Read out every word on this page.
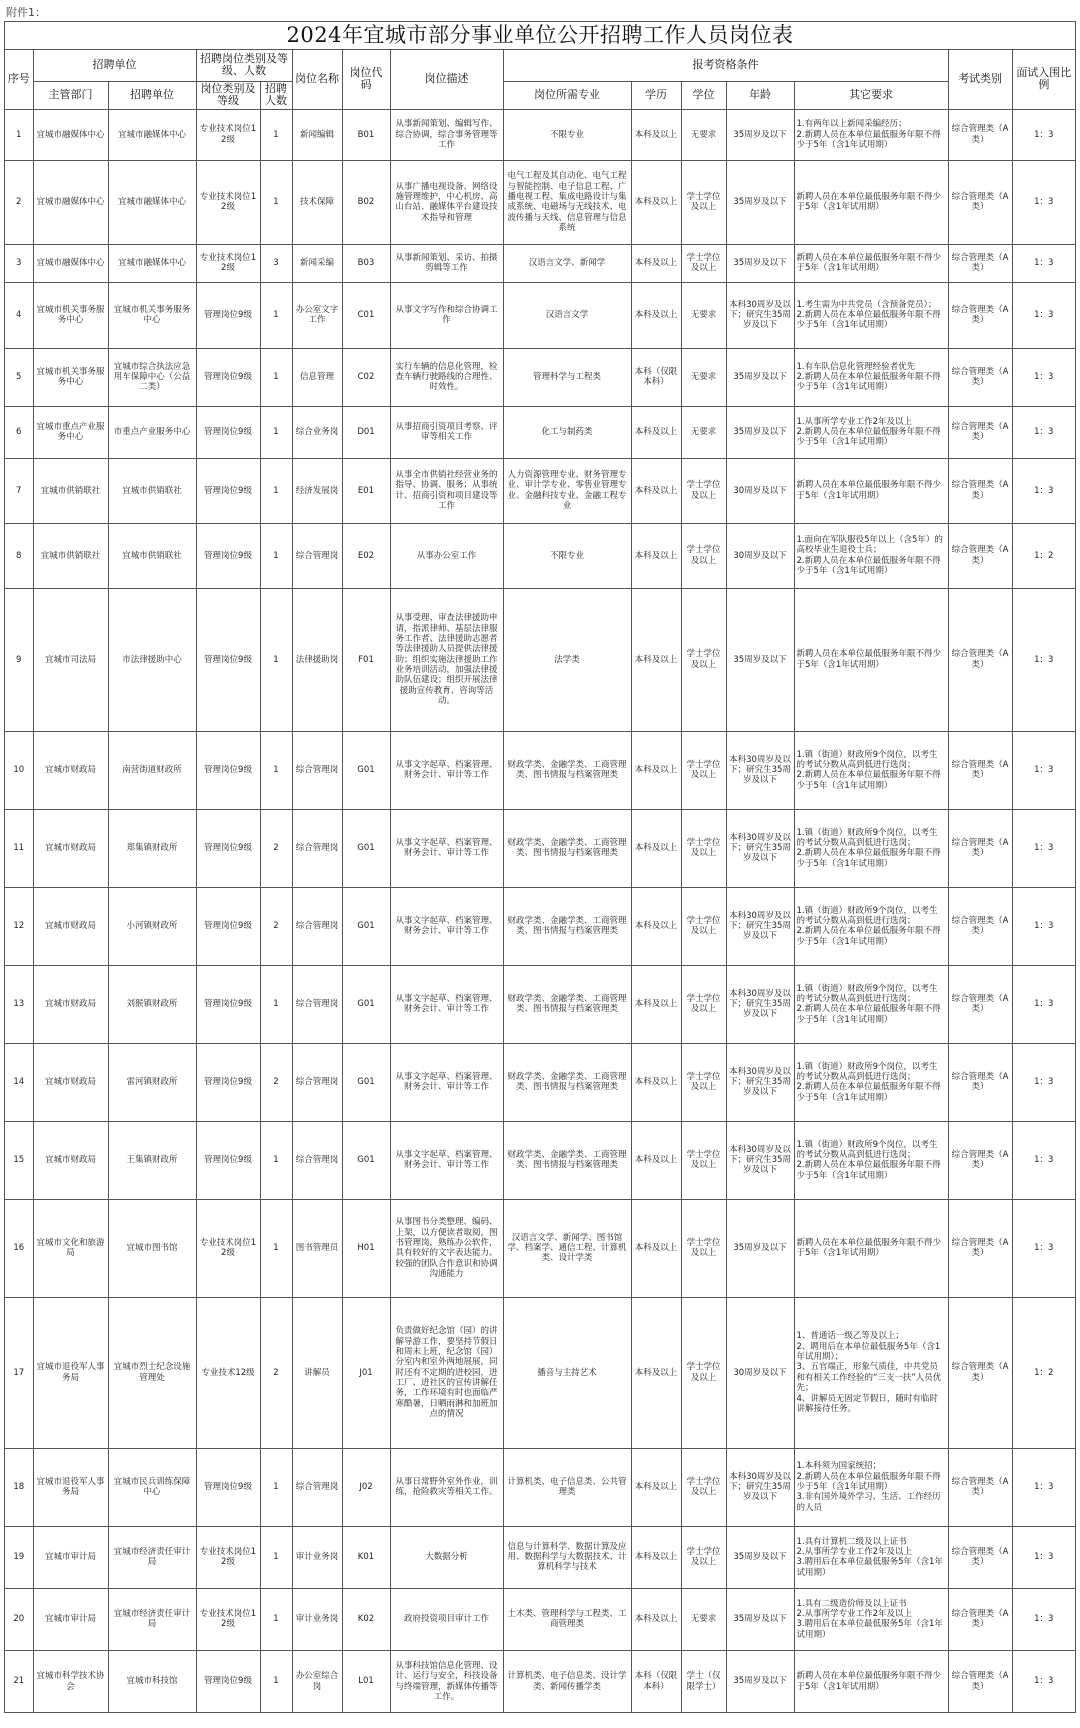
附件1：
2024年宜城市部分事业单位公开招聘工作人员岗位表
序号	招聘单位		招聘岗位类别及等级、人数		岗位名称	岗位代码	岗位描述	报考资格条件					考试类别	面试入围比例
	主管部门	招聘单位	岗位类别及等级	招聘人数				岗位所需专业	学历	学位	年龄	其它要求		

1	宜城市融媒体中心	宜城市融媒体中心	专业技术岗位12级	1	新闻编辑	B01	从事新闻策划、编辑写作、综合协调，综合事务管理等工作	不限专业	本科及以上	无要求	35周岁及以下	1.有两年以上新闻采编经历；
2.新聘人员在本单位最低服务年限不得少于5年（含1年试用期）	综合管理类（A类）	1：3

2	宜城市融媒体中心	宜城市融媒体中心	专业技术岗位12级	1	技术保障	B02	从事广播电视设备、网络设施管理维护，中心机房、高山台站、融媒体平台建设技术指导和管理	电气工程及其自动化、电气工程与智能控制、电子信息工程、广播电视工程、集成电路设计与集成系统、电磁场与无线技术、电波传播与天线、信息管理与信息系统	本科及以上	学士学位及以上	35周岁及以下	新聘人员在本单位最低服务年限不得少于5年（含1年试用期）	综合管理类（A类）	1：3

3	宜城市融媒体中心	宜城市融媒体中心	专业技术岗位12级	3	新闻采编	B03	从事新闻策划、采访、拍摄剪辑等工作	汉语言文学、新闻学	本科及以上	学士学位及以上	35周岁及以下	新聘人员在本单位最低服务年限不得少于5年（含1年试用期）	综合管理类（A类）	1：3

4	宜城市机关事务服务中心	宜城市机关事务服务中心	管理岗位9级	1	办公室文字工作	C01	从事文字写作和综合协调工作	汉语言文学	本科及以上	无要求	本科30周岁及以下；研究生35周岁及以下	1.考生需为中共党员（含预备党员）；
2.新聘人员在本单位最低服务年限不得少于5年（含1年试用期）	综合管理类（A类）	1：3

5	宜城市机关事务服务中心	宜城市综合执法应急用车保障中心（公益二类）	管理岗位9级	1	信息管理	C02	实行车辆的信息化管理，检查车辆行驶路线的合理性、时效性。	管理科学与工程类	本科（仅限本科）	无要求	35周岁及以下	1.有车队信息化管理经验者优先
2.新聘人员在本单位最低服务年限不得少于5年（含1年试用期）	综合管理类（A类）	1：3

6	宜城市重点产业服务中心	市重点产业服务中心	管理岗位9级	1	综合业务岗	D01	从事招商引资项目考察、评审等相关工作	化工与制药类	本科及以上	无要求	35周岁及以下	1.从事所学专业工作2年及以上
2.新聘人员在本单位最低服务年限不得少于5年（含1年试用期）	综合管理类（A类）	1：3

7	宜城市供销联社	宜城市供销联社	管理岗位9级	1	经济发展岗	E01	从事全市供销社经营业务的指导、协调、服务；从事统计、招商引资和项目建设等工作	人力资源管理专业、财务管理专业、审计学专业、零售业管理专业、金融科技专业、金融工程专业	本科及以上	学士学位及以上	30周岁及以下	新聘人员在本单位最低服务年限不得少于5年（含1年试用期）	综合管理类（A类）	1：3

8	宜城市供销联社	宜城市供销联社	管理岗位9级	1	综合管理岗	E02	从事办公室工作	不限专业	本科及以上	学士学位及以上	30周岁及以下	1.面向在军队服役5年以上（含5年）的高校毕业生退役士兵；
2.新聘人员在本单位最低服务年限不得少于5年（含1年试用期）	综合管理类（A类）	1：2

9	宜城市司法局	市法律援助中心	管理岗位9级	1	法律援助岗	F01	从事受理、审查法律援助申请，指派律师、基层法律服务工作者、法律援助志愿者等法律援助人员提供法律援助；组织实施法律援助工作业务培训活动，加强法律援助队伍建设；组织开展法律援助宣传教育、咨询等活动。	法学类	本科及以上	学士学位及以上	35周岁及以下	新聘人员在本单位最低服务年限不得少于5年（含1年试用期）	综合管理类（A类）	1：3

10	宜城市财政局	南营街道财政所	管理岗位9级	1	综合管理岗	G01	从事文字起草、档案管理、财务会计、审计等工作	财政学类、金融学类、工商管理类、图书情报与档案管理类	本科及以上	学士学位及以上	本科30周岁及以下；研究生35周岁及以下	1.镇（街道）财政所9个岗位，以考生的考试分数从高到低进行选岗；
2.新聘人员在本单位最低服务年限不得少于5年（含1年试用期）	综合管理类（A类）	1：3

11	宜城市财政局	郑集镇财政所	管理岗位9级	2	综合管理岗	G01	从事文字起草、档案管理、财务会计、审计等工作	财政学类、金融学类、工商管理类、图书情报与档案管理类	本科及以上	学士学位及以上	本科30周岁及以下；研究生35周岁及以下	1.镇（街道）财政所9个岗位，以考生的考试分数从高到低进行选岗；
2.新聘人员在本单位最低服务年限不得少于5年（含1年试用期）	综合管理类（A类）	1：3

12	宜城市财政局	小河镇财政所	管理岗位9级	2	综合管理岗	G01	从事文字起草、档案管理、财务会计、审计等工作	财政学类、金融学类、工商管理类、图书情报与档案管理类	本科及以上	学士学位及以上	本科30周岁及以下；研究生35周岁及以下	1.镇（街道）财政所9个岗位，以考生的考试分数从高到低进行选岗；
2.新聘人员在本单位最低服务年限不得少于5年（含1年试用期）	综合管理类（A类）	1：3

13	宜城市财政局	刘猴镇财政所	管理岗位9级	1	综合管理岗	G01	从事文字起草、档案管理、财务会计、审计等工作	财政学类、金融学类、工商管理类、图书情报与档案管理类	本科及以上	学士学位及以上	本科30周岁及以下；研究生35周岁及以下	1.镇（街道）财政所9个岗位，以考生的考试分数从高到低进行选岗；
2.新聘人员在本单位最低服务年限不得少于5年（含1年试用期）	综合管理类（A类）	1：3

14	宜城市财政局	雷河镇财政所	管理岗位9级	2	综合管理岗	G01	从事文字起草、档案管理、财务会计、审计等工作	财政学类、金融学类、工商管理类、图书情报与档案管理类	本科及以上	学士学位及以上	本科30周岁及以下；研究生35周岁及以下	1.镇（街道）财政所9个岗位，以考生的考试分数从高到低进行选岗；
2.新聘人员在本单位最低服务年限不得少于5年（含1年试用期）	综合管理类（A类）	1：3

15	宜城市财政局	王集镇财政所	管理岗位9级	1	综合管理岗	G01	从事文字起草、档案管理、财务会计、审计等工作	财政学类、金融学类、工商管理类、图书情报与档案管理类	本科及以上	学士学位及以上	本科30周岁及以下；研究生35周岁及以下	1.镇（街道）财政所9个岗位，以考生的考试分数从高到低进行选岗；
2.新聘人员在本单位最低服务年限不得少于5年（含1年试用期）	综合管理类（A类）	1：3

16	宜城市文化和旅游局	宜城市图书馆	专业技术岗位12级	1	图书管理员	H01	从事图书分类整理、编码、上架，以方便读者取阅，图书管理岗，熟练办公软件，具有较好的文字表达能力、较强的团队合作意识和协调沟通能力	汉语言文学、新闻学、图书馆学、档案学、通信工程、计算机类、设计学类	本科及以上	学士学位及以上	35周岁及以下	新聘人员在本单位最低服务年限不得少于5年（含1年试用期）	综合管理类（A类）	1：3

17	宜城市退役军人事务局	宜城市烈士纪念设施管理处	专业技术12级	2	讲解员	J01	负责做好纪念馆（园）的讲解导游工作，要坚持节假日和周末上班，纪念馆（园）分室内和室外两地展展，同时还有不定期的进校园，进工厂、进社区的宣传讲解任务，工作环境有时也面临严寒酷暑，日晒雨淋和加班加点的情况	播音与主持艺术	本科及以上	学士学位及以上	30周岁及以下	1、普通话一级乙等及以上；
2、聘用后在本单位最低服务5年（含1年试用期）；
3、五官端正，形象气质佳，中共党员和有相关工作经验的“三支一扶”人员优先；
4、讲解员无固定节假日，随时有临时讲解接待任务。	综合管理类（A类）	1：2

18	宜城市退役军人事务局	宜城市民兵训练保障中心	管理岗位9级	1	综合管理岗	J02	从事日常野外室外作业，训练，抢险救灾等相关工作。	计算机类、电子信息类、公共管理类	本科及以上	学士学位及以上	本科30周岁及以下；研究生35周岁及以下	1.本科须为国家统招；
2.新聘人员在本单位最低服务年限不得少于5年（含1年试用期）
3.非有国外境外学习、生活、工作经历的人员	综合管理类（A类）	1：3

19	宜城市审计局	宜城市经济责任审计局	专业技术岗位12级	1	审计业务岗	K01	大数据分析	信息与计算科学、数据计算及应用、数据科学与大数据技术、计算机科学与技术	本科及以上	学士学位及以上	35周岁及以下	1.具有计算机二级及以上证书
2.从事所学专业工作2年及以上
3.聘用后在本单位最低服务5年（含1年试用期）	综合管理类（A类）	1：3

20	宜城市审计局	宜城市经济责任审计局	专业技术岗位12级	1	审计业务岗	K02	政府投资项目审计工作	土木类、管理科学与工程类、工商管理类	本科及以上	无要求	35周岁及以下	1.具有二级造价师及以上证书
2.从事所学专业工作2年及以上
3.聘用后在本单位最低服务5年（含1年试用期）	综合管理类（A类）	1：3

21	宜城市科学技术协会	宜城市科技馆	管理岗位9级	1	办公室综合岗	L01	从事科技馆信息化管理、设计、运行与安全，科技设备与终端管理，新媒体传播等工作。	计算机类、电子信息类、设计学类、新闻传播学类	本科（仅限本科）	学士（仅限学士）	35周岁及以下	新聘人员在本单位最低服务年限不得少于5年（含1年试用期）	综合管理类（A类）	1：3
